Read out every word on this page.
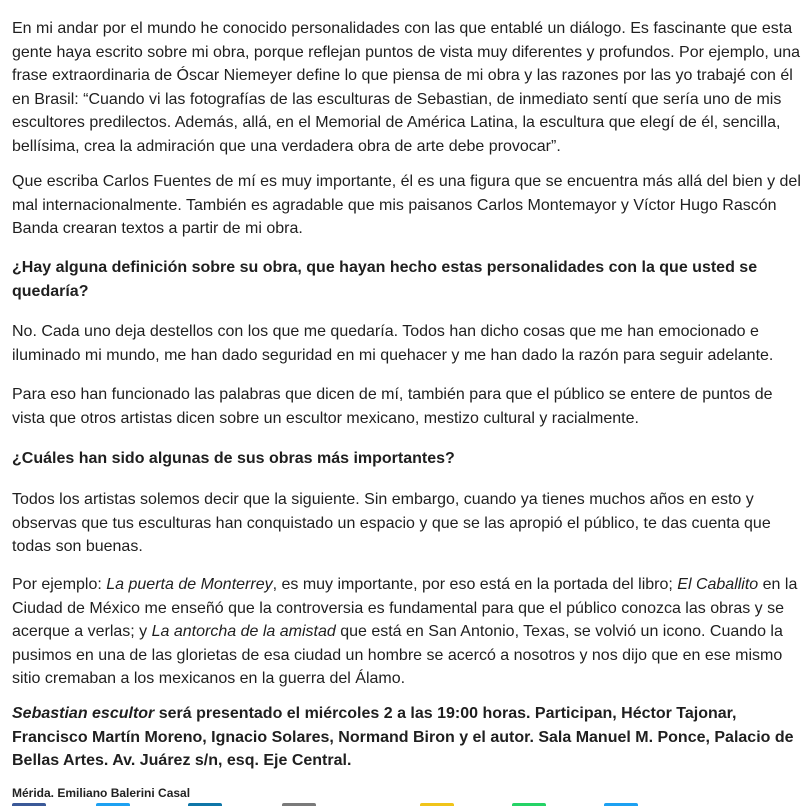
En mi andar por el mundo he conocido personalidades con las que entablé un diálogo. Es fascinante que esta gente haya escrito sobre mi obra, porque reflejan puntos de vista muy diferentes y profundos. Por ejemplo, una frase extraordinaria de Óscar Niemeyer define lo que piensa de mi obra y las razones por las yo trabajé con él en Brasil: “Cuando vi las fotografías de las esculturas de Sebastian, de inmediato sentí que sería uno de mis escultores predilectos. Además, allá, en el Memorial de América Latina, la escultura que elegí de él, sencilla, bellísima, crea la admiración que una verdadera obra de arte debe provocar”.

Que escriba Carlos Fuentes de mí es muy importante, él es una figura que se encuentra más allá del bien y del mal internacionalmente. También es agradable que mis paisanos Carlos Montemayor y Víctor Hugo Rascón Banda crearan textos a partir de mi obra.

¿Hay alguna definición sobre su obra, que hayan hecho estas personalidades con la que usted se quedaría?

No. Cada uno deja destellos con los que me quedaría. Todos han dicho cosas que me han emocionado e iluminado mi mundo, me han dado seguridad en mi quehacer y me han dado la razón para seguir adelante.

Para eso han funcionado las palabras que dicen de mí, también para que el público se entere de puntos de vista que otros artistas dicen sobre un escultor mexicano, mestizo cultural y racialmente.

¿Cuáles han sido algunas de sus obras más importantes?

Todos los artistas solemos decir que la siguiente. Sin embargo, cuando ya tienes muchos años en esto y observas que tus esculturas han conquistado un espacio y que se las apropió el público, te das cuenta que todas son buenas.

Por ejemplo: La puerta de Monterrey, es muy importante, por eso está en la portada del libro; El Caballito en la Ciudad de México me enseñó que la controversia es fundamental para que el público conozca las obras y se acerque a verlas; y La antorcha de la amistad que está en San Antonio, Texas, se volvió un icono. Cuando la pusimos en una de las glorietas de esa ciudad un hombre se acercó a nosotros y nos dijo que en ese mismo sitio cremaban a los mexicanos en la guerra del Álamo.

Sebastian escultor será presentado el miércoles 2 a las 19:00 horas. Participan, Héctor Tajonar, Francisco Martín Moreno, Ignacio Solares, Normand Biron y el autor. Sala Manuel M. Ponce, Palacio de Bellas Artes. Av. Juárez s/n, esq. Eje Central.

Mérida. Emiliano Balerini Casal
